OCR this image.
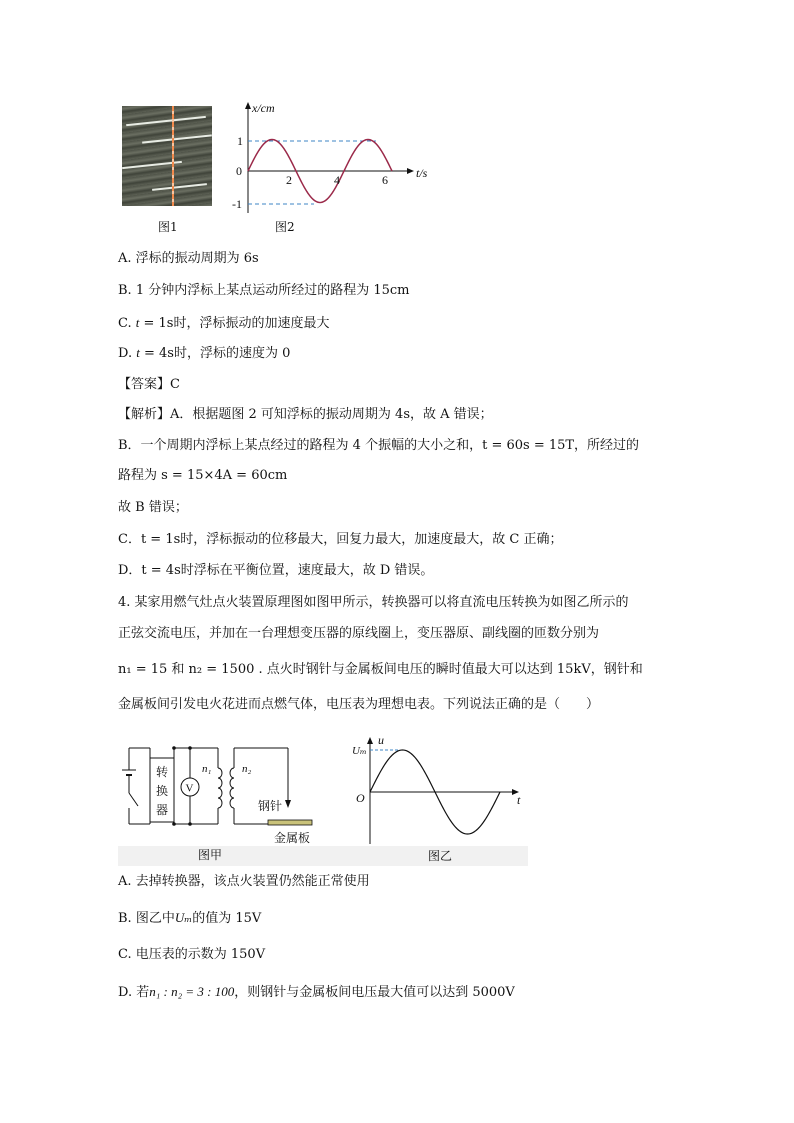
图1
x/cm
t/s
1
0
-1
2	4	6
图2
A. 浮标的振动周期为 6s
B. 1 分钟内浮标上某点运动所经过的路程为 15cm
C. t = 1s时，浮标振动的加速度最大
D. t = 4s时，浮标的速度为 0
【答案】C
【解析】A．根据题图 2 可知浮标的振动周期为 4s，故 A 错误；
B．一个周期内浮标上某点经过的路程为 4 个振幅的大小之和，t = 60s = 15T，所经过的
路程为 s = 15×4A = 60cm
故 B 错误；
C．t = 1s时，浮标振动的位移最大，回复力最大，加速度最大，故 C 正确；
D．t = 4s时浮标在平衡位置，速度最大，故 D 错误。
4. 某家用燃气灶点火装置原理图如图甲所示，转换器可以将直流电压转换为如图乙所示的
正弦交流电压，并加在一台理想变压器的原线圈上，变压器原、副线圈的匝数分别为
n₁ = 15 和 n₂ = 1500 . 点火时钢针与金属板间电压的瞬时值最大可以达到 15kV，钢针和
金属板间引发电火花进而点燃气体，电压表为理想电表。下列说法正确的是（　　）
转
换
器
V
n₁	n₂
钢针
金属板
图甲
u
t
O
Uₘ
图乙
A. 去掉转换器，该点火装置仍然能正常使用
B. 图乙中Uₘ的值为 15V
C. 电压表的示数为 150V
D. 若n₁ : n₂ = 3 : 100，则钢针与金属板间电压最大值可以达到 5000V
